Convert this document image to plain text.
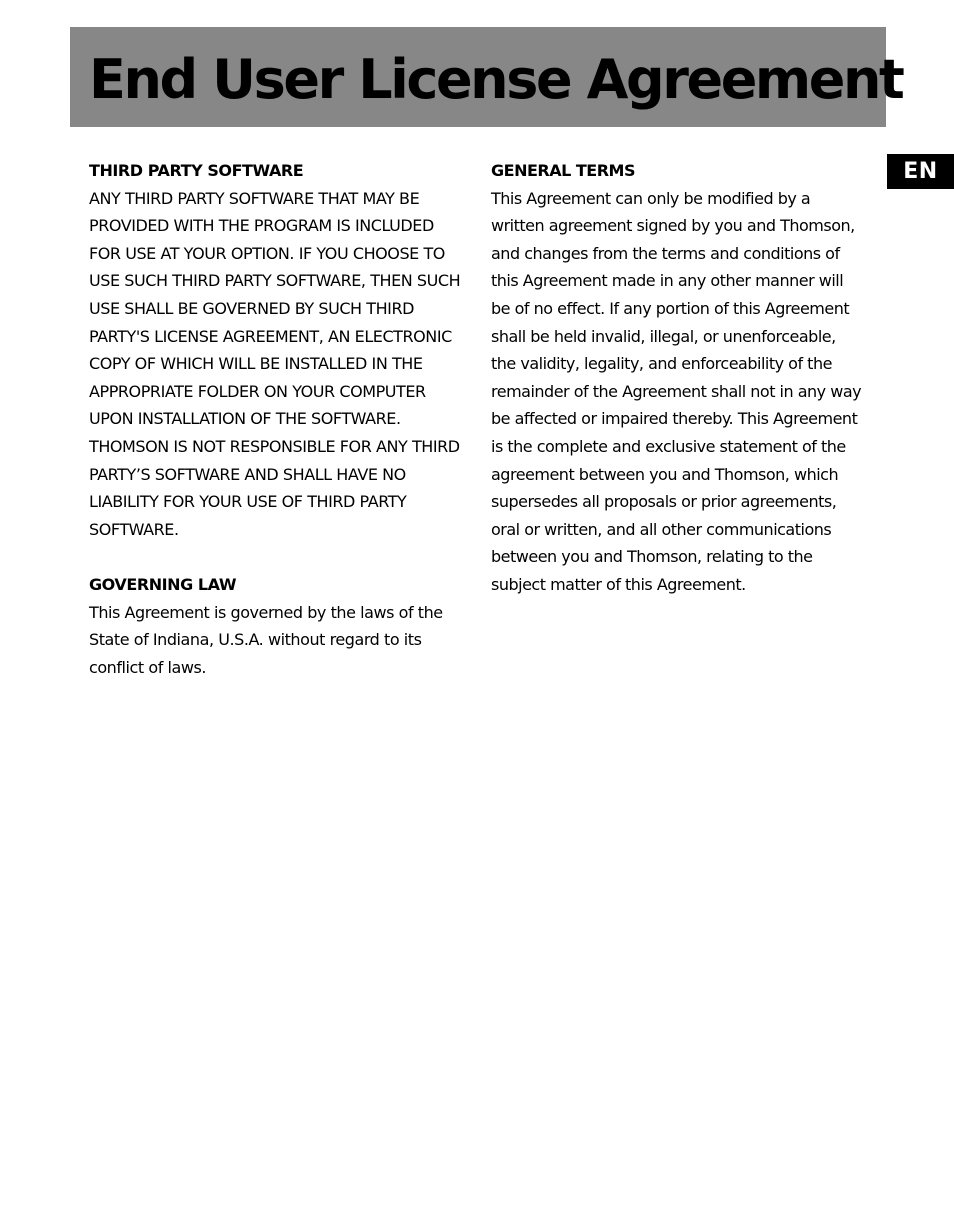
End User License Agreement
EN
THIRD PARTY SOFTWARE
ANY THIRD PARTY SOFTWARE THAT MAY BE
PROVIDED WITH THE PROGRAM IS INCLUDED
FOR USE AT YOUR OPTION. IF YOU CHOOSE TO
USE SUCH THIRD PARTY SOFTWARE, THEN SUCH
USE SHALL BE GOVERNED BY SUCH THIRD
PARTY'S LICENSE AGREEMENT, AN ELECTRONIC
COPY OF WHICH WILL BE INSTALLED IN THE
APPROPRIATE FOLDER ON YOUR COMPUTER
UPON INSTALLATION OF THE SOFTWARE.
THOMSON IS NOT RESPONSIBLE FOR ANY THIRD
PARTY’S SOFTWARE AND SHALL HAVE NO
LIABILITY FOR YOUR USE OF THIRD PARTY
SOFTWARE.
GOVERNING LAW
This Agreement is governed by the laws of the
State of Indiana, U.S.A. without regard to its
conflict of laws.
GENERAL TERMS
This Agreement can only be modified by a
written agreement signed by you and Thomson,
and changes from the terms and conditions of
this Agreement made in any other manner will
be of no effect. If any portion of this Agreement
shall be held invalid, illegal, or unenforceable,
the validity, legality, and enforceability of the
remainder of the Agreement shall not in any way
be affected or impaired thereby. This Agreement
is the complete and exclusive statement of the
agreement between you and Thomson, which
supersedes all proposals or prior agreements,
oral or written, and all other communications
between you and Thomson, relating to the
subject matter of this Agreement.
